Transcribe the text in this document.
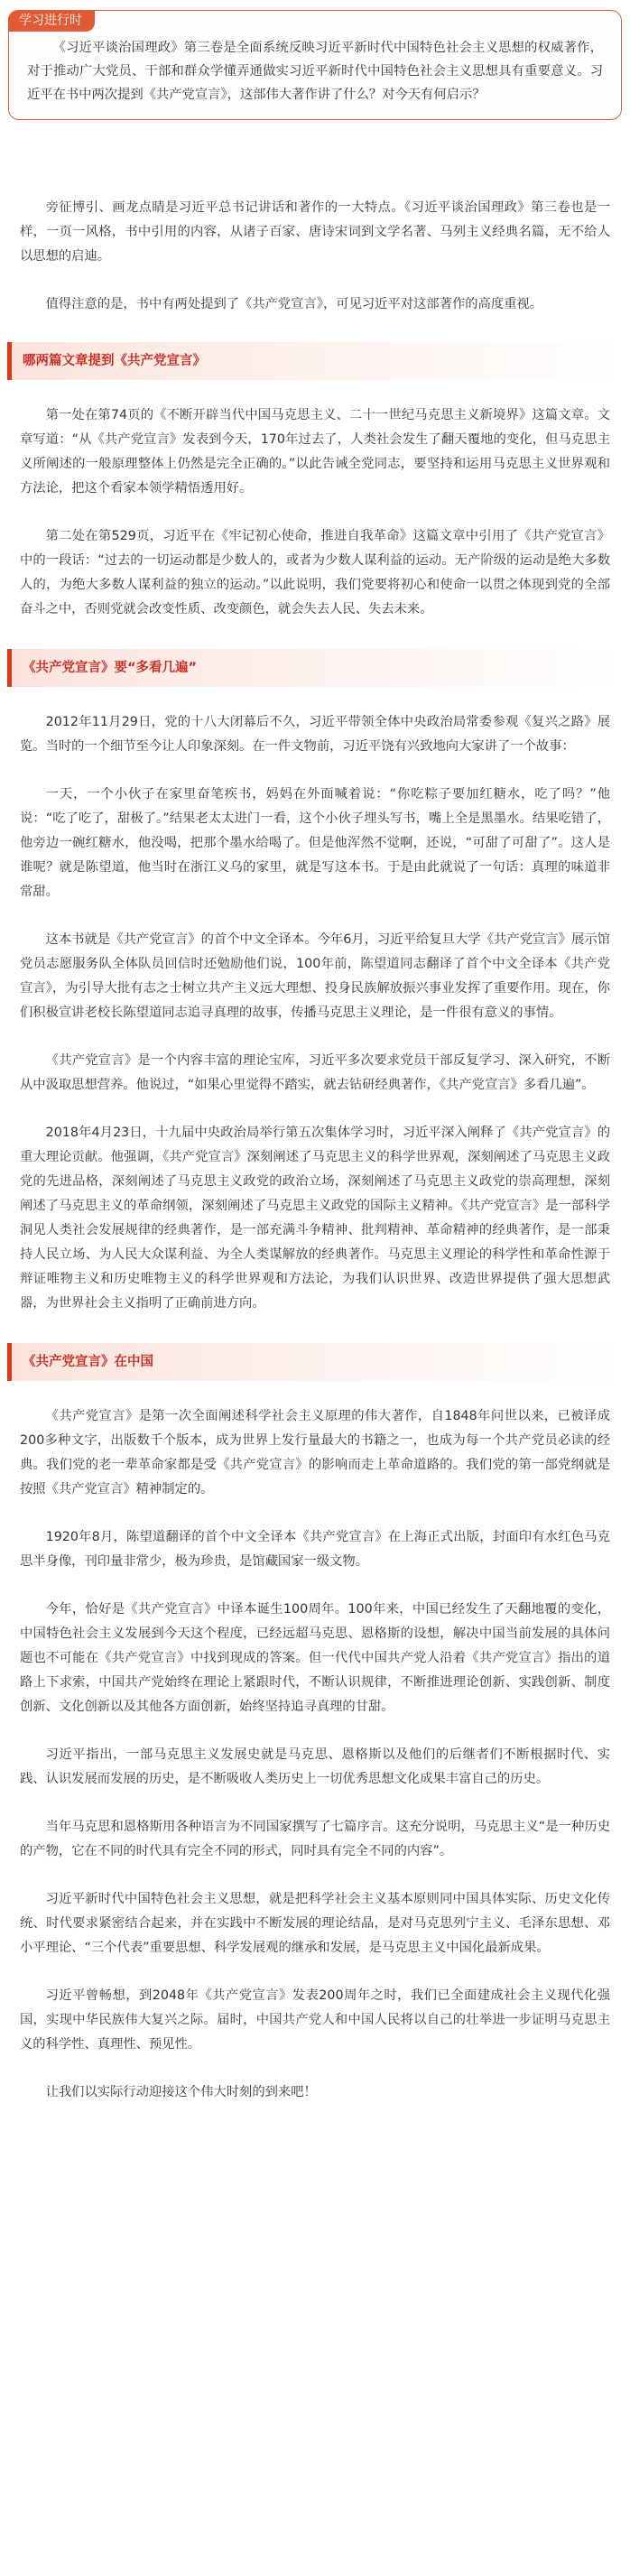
学习进行时

《习近平谈治国理政》第三卷是全面系统反映习近平新时代中国特色社会主义思想的权威著作，对于推动广大党员、干部和群众学懂弄通做实习近平新时代中国特色社会主义思想具有重要意义。习近平在书中两次提到《共产党宣言》，这部伟大著作讲了什么？对今天有何启示？

旁征博引、画龙点睛是习近平总书记讲话和著作的一大特点。《习近平谈治国理政》第三卷也是一样，一页一风格，书中引用的内容，从诸子百家、唐诗宋词到文学名著、马列主义经典名篇，无不给人以思想的启迪。

值得注意的是，书中有两处提到了《共产党宣言》，可见习近平对这部著作的高度重视。

哪两篇文章提到《共产党宣言》

第一处在第74页的《不断开辟当代中国马克思主义、二十一世纪马克思主义新境界》这篇文章。文章写道：“从《共产党宣言》发表到今天，170年过去了，人类社会发生了翻天覆地的变化，但马克思主义所阐述的一般原理整体上仍然是完全正确的。”以此告诫全党同志，要坚持和运用马克思主义世界观和方法论，把这个看家本领学精悟透用好。

第二处在第529页，习近平在《牢记初心使命，推进自我革命》这篇文章中引用了《共产党宣言》中的一段话：“过去的一切运动都是少数人的，或者为少数人谋利益的运动。无产阶级的运动是绝大多数人的，为绝大多数人谋利益的独立的运动。”以此说明，我们党要将初心和使命一以贯之体现到党的全部奋斗之中，否则党就会改变性质、改变颜色，就会失去人民、失去未来。

《共产党宣言》要“多看几遍”

2012年11月29日，党的十八大闭幕后不久，习近平带领全体中央政治局常委参观《复兴之路》展览。当时的一个细节至今让人印象深刻。在一件文物前，习近平饶有兴致地向大家讲了一个故事：

一天，一个小伙子在家里奋笔疾书，妈妈在外面喊着说：“你吃粽子要加红糖水，吃了吗？”他说：“吃了吃了，甜极了。”结果老太太进门一看，这个小伙子埋头写书，嘴上全是黑墨水。结果吃错了，他旁边一碗红糖水，他没喝，把那个墨水给喝了。但是他浑然不觉啊，还说，“可甜了可甜了”。这人是谁呢？就是陈望道，他当时在浙江义乌的家里，就是写这本书。于是由此就说了一句话：真理的味道非常甜。

这本书就是《共产党宣言》的首个中文全译本。今年6月，习近平给复旦大学《共产党宣言》展示馆党员志愿服务队全体队员回信时还勉励他们说，100年前，陈望道同志翻译了首个中文全译本《共产党宣言》，为引导大批有志之士树立共产主义远大理想、投身民族解放振兴事业发挥了重要作用。现在，你们积极宣讲老校长陈望道同志追寻真理的故事，传播马克思主义理论，是一件很有意义的事情。

《共产党宣言》是一个内容丰富的理论宝库，习近平多次要求党员干部反复学习、深入研究，不断从中汲取思想营养。他说过，“如果心里觉得不踏实，就去钻研经典著作，《共产党宣言》多看几遍”。

2018年4月23日，十九届中央政治局举行第五次集体学习时，习近平深入阐释了《共产党宣言》的重大理论贡献。他强调，《共产党宣言》深刻阐述了马克思主义的科学世界观，深刻阐述了马克思主义政党的先进品格，深刻阐述了马克思主义政党的政治立场，深刻阐述了马克思主义政党的崇高理想，深刻阐述了马克思主义的革命纲领，深刻阐述了马克思主义政党的国际主义精神。《共产党宣言》是一部科学洞见人类社会发展规律的经典著作，是一部充满斗争精神、批判精神、革命精神的经典著作，是一部秉持人民立场、为人民大众谋利益、为全人类谋解放的经典著作。马克思主义理论的科学性和革命性源于辩证唯物主义和历史唯物主义的科学世界观和方法论，为我们认识世界、改造世界提供了强大思想武器，为世界社会主义指明了正确前进方向。

《共产党宣言》在中国

《共产党宣言》是第一次全面阐述科学社会主义原理的伟大著作，自1848年问世以来，已被译成200多种文字，出版数千个版本，成为世界上发行量最大的书籍之一，也成为每一个共产党员必读的经典。我们党的老一辈革命家都是受《共产党宣言》的影响而走上革命道路的。我们党的第一部党纲就是按照《共产党宣言》精神制定的。

1920年8月，陈望道翻译的首个中文全译本《共产党宣言》在上海正式出版，封面印有水红色马克思半身像，刊印量非常少，极为珍贵，是馆藏国家一级文物。

今年，恰好是《共产党宣言》中译本诞生100周年。100年来，中国已经发生了天翻地覆的变化，中国特色社会主义发展到今天这个程度，已经远超马克思、恩格斯的设想，解决中国当前发展的具体问题也不可能在《共产党宣言》中找到现成的答案。但一代代中国共产党人沿着《共产党宣言》指出的道路上下求索，中国共产党始终在理论上紧跟时代，不断认识规律，不断推进理论创新、实践创新、制度创新、文化创新以及其他各方面创新，始终坚持追寻真理的甘甜。

习近平指出，一部马克思主义发展史就是马克思、恩格斯以及他们的后继者们不断根据时代、实践、认识发展而发展的历史，是不断吸收人类历史上一切优秀思想文化成果丰富自己的历史。

当年马克思和恩格斯用各种语言为不同国家撰写了七篇序言。这充分说明，马克思主义“是一种历史的产物，它在不同的时代具有完全不同的形式，同时具有完全不同的内容”。

习近平新时代中国特色社会主义思想，就是把科学社会主义基本原则同中国具体实际、历史文化传统、时代要求紧密结合起来，并在实践中不断发展的理论结晶，是对马克思列宁主义、毛泽东思想、邓小平理论、“三个代表”重要思想、科学发展观的继承和发展，是马克思主义中国化最新成果。

习近平曾畅想，到2048年《共产党宣言》发表200周年之时，我们已全面建成社会主义现代化强国，实现中华民族伟大复兴之际。届时，中国共产党人和中国人民将以自己的壮举进一步证明马克思主义的科学性、真理性、预见性。

让我们以实际行动迎接这个伟大时刻的到来吧！
